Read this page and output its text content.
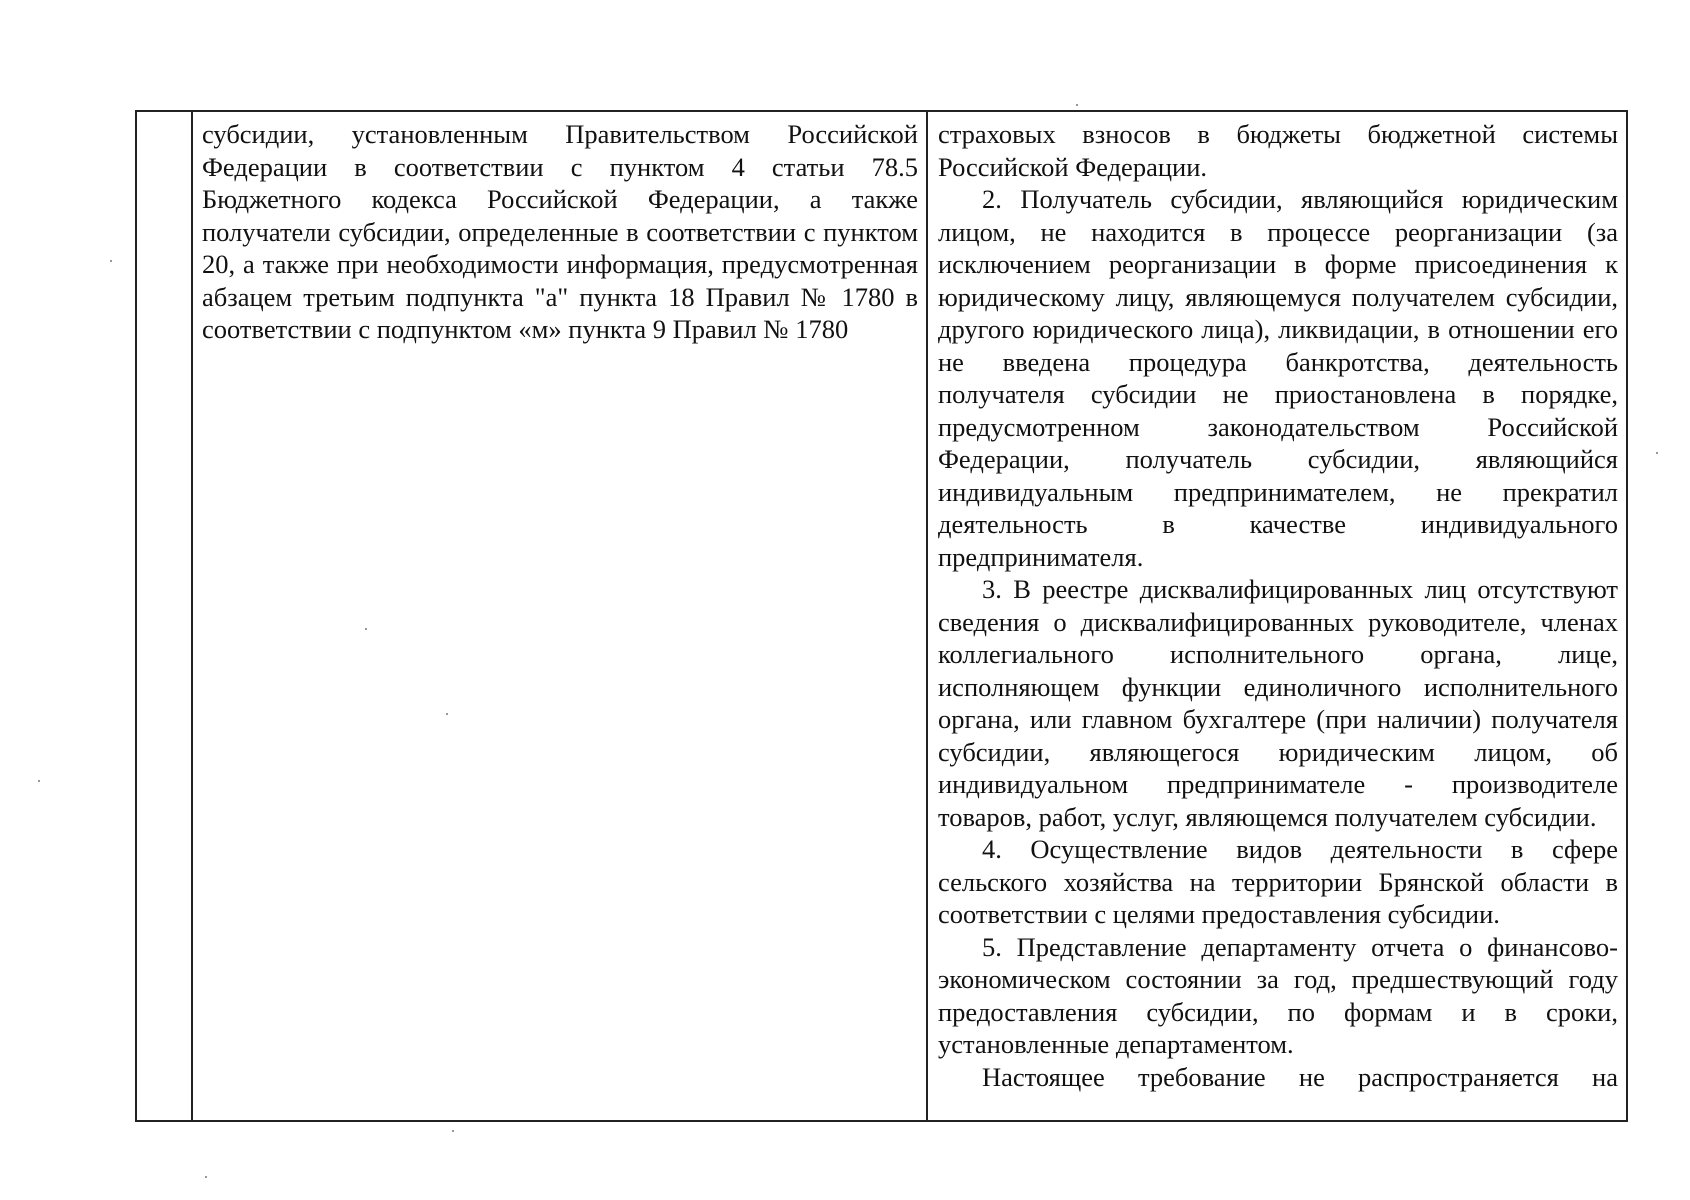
субсидии, установленным Правительством Российской Федерации в соответствии с пунктом 4 статьи 78.5 Бюджетного кодекса Российской Федерации, а также получатели субсидии, определенные в соответствии с пунктом 20, а также при необходимости информация, предусмотренная абзацем третьим подпункта "а" пункта 18 Правил № 1780 в соответствии с подпунктом «м» пункта 9 Правил № 1780

страховых взносов в бюджеты бюджетной системы Российской Федерации.

2. Получатель субсидии, являющийся юридическим лицом, не находится в процессе реорганизации (за исключением реорганизации в форме присоединения к юридическому лицу, являющемуся получателем субсидии, другого юридического лица), ликвидации, в отношении его не введена процедура банкротства, деятельность получателя субсидии не приостановлена в порядке, предусмотренном законодательством Российской Федерации, получатель субсидии, являющийся индивидуальным предпринимателем, не прекратил деятельность в качестве индивидуального предпринимателя.

3. В реестре дисквалифицированных лиц отсутствуют сведения о дисквалифицированных руководителе, членах коллегиального исполнительного органа, лице, исполняющем функции единоличного исполнительного органа, или главном бухгалтере (при наличии) получателя субсидии, являющегося юридическим лицом, об индивидуальном предпринимателе - производителе товаров, работ, услуг, являющемся получателем субсидии.

4. Осуществление видов деятельности в сфере сельского хозяйства на территории Брянской области в соответствии с целями предоставления субсидии.

5. Представление департаменту отчета о финансово-экономическом состоянии за год, предшествующий году предоставления субсидии, по формам и в сроки, установленные департаментом.

Настоящее требование не распространяется на
